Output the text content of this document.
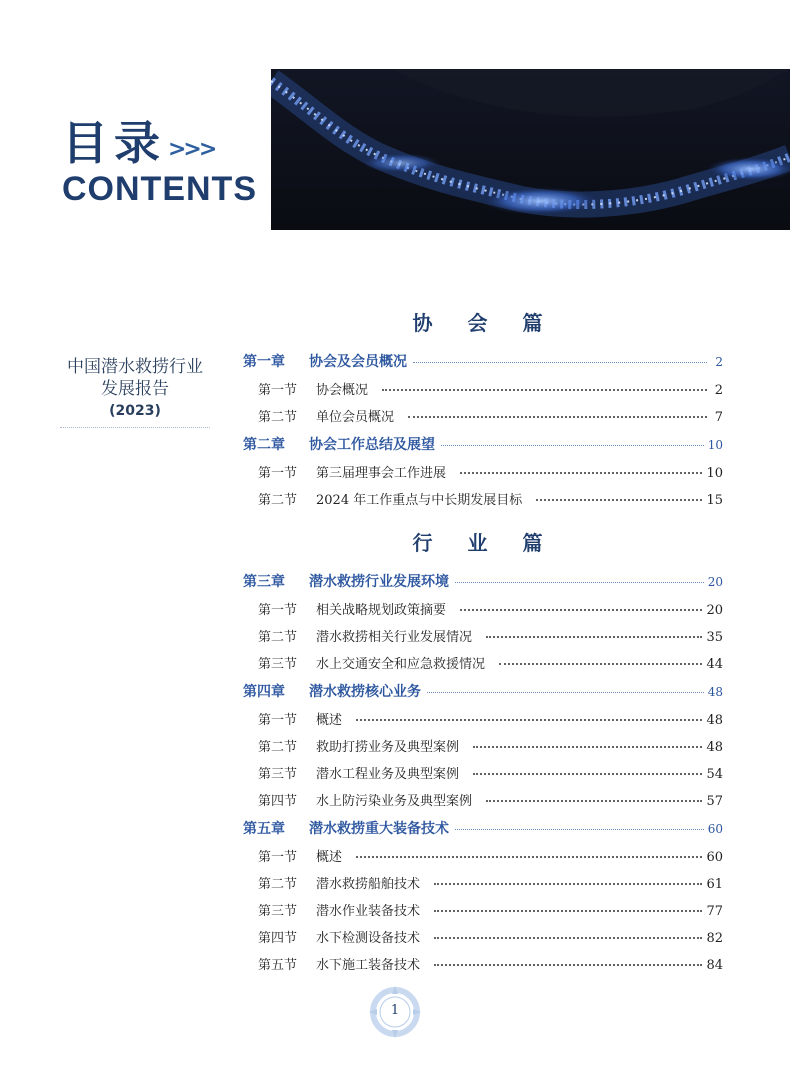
目录 >>>
CONTENTS
中国潜水救捞行业
发展报告
(2023)
协 会 篇
行 业 篇
第一章	协会及会员概况	2
第一节	协会概况	2
第二节	单位会员概况	7
第二章	协会工作总结及展望	10
第一节	第三届理事会工作进展	10
第二节	2024 年工作重点与中长期发展目标	15
第三章	潜水救捞行业发展环境	20
第一节	相关战略规划政策摘要	20
第二节	潜水救捞相关行业发展情况	35
第三节	水上交通安全和应急救援情况	44
第四章	潜水救捞核心业务	48
第一节	概述	48
第二节	救助打捞业务及典型案例	48
第三节	潜水工程业务及典型案例	54
第四节	水上防污染业务及典型案例	57
第五章	潜水救捞重大装备技术	60
第一节	概述	60
第二节	潜水救捞船舶技术	61
第三节	潜水作业装备技术	77
第四节	水下检测设备技术	82
第五节	水下施工装备技术	84
1
